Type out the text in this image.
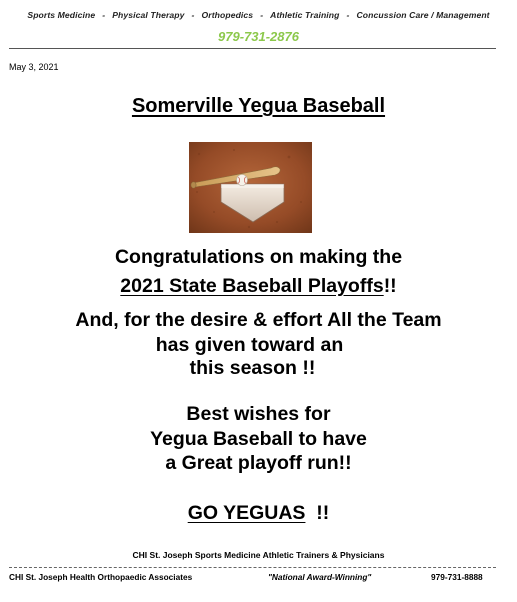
Sports Medicine - Physical Therapy - Orthopedics - Athletic Training - Concussion Care / Management
979-731-2876
May 3, 2021
Somerville Yegua Baseball
Congratulations on making the
2021 State Baseball Playoffs!!
And, for the desire & effort All the Team
has given toward an
this season !!
Best wishes for
Yegua Baseball to have
a Great playoff run!!
GO YEGUAS !!
CHI St. Joseph Sports Medicine Athletic Trainers & Physicians
CHI St. Joseph Health Orthopaedic Associates	"National Award-Winning"	979-731-8888
